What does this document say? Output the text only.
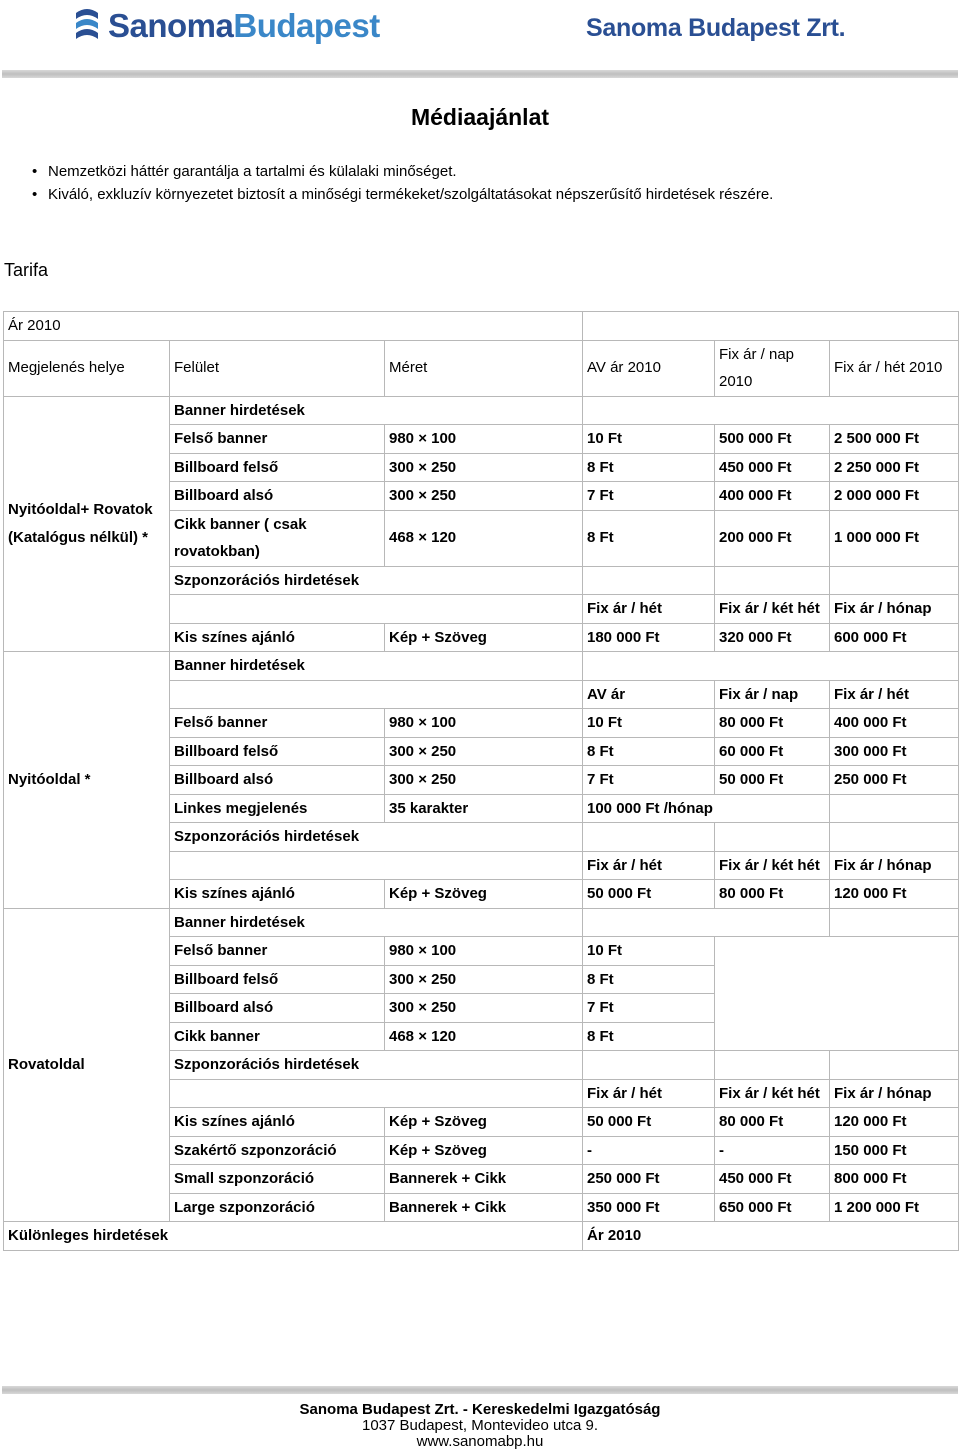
Sanoma Budapest	Sanoma Budapest Zrt.
Médiaajánlat
• Nemzetközi háttér garantálja a tartalmi és külalaki minőséget.
• Kiváló, exkluzív környezetet biztosít a minőségi termékeket/szolgáltatásokat népszerűsítő hirdetések részére.
Tarifa
Ár 2010					
Megjelenés helye	Felület	Méret	AV ár 2010	Fix ár / nap 2010	Fix ár / hét 2010
Nyitóoldal+ Rovatok (Katalógus nélkül) *	Banner hirdetések				
	Felső banner	980 × 100	10 Ft	500 000 Ft	2 500 000 Ft
	Billboard felső	300 × 250	8 Ft	450 000 Ft	2 250 000 Ft
	Billboard alsó	300 × 250	7 Ft	400 000 Ft	2 000 000 Ft
	Cikk banner ( csak rovatokban)	468 × 120	8 Ft	200 000 Ft	1 000 000 Ft

	Szponzorációs hirdetések				
			Fix ár / hét	Fix ár / két hét	Fix ár / hónap

	Kis színes ajánló	Kép + Szöveg	180 000 Ft	320 000 Ft	600 000 Ft
Nyitóoldal *	Banner hirdetések				
			AV ár	Fix ár / nap	Fix ár / hét
	Felső banner	980 × 100	10 Ft	80 000 Ft	400 000 Ft
	Billboard felső	300 × 250	8 Ft	60 000 Ft	300 000 Ft
	Billboard alsó	300 × 250	7 Ft	50 000 Ft	250 000 Ft
	Linkes megjelenés	35 karakter	100 000 Ft /hónap		
	Szponzorációs hirdetések				
			Fix ár / hét	Fix ár / két hét	Fix ár / hónap

	Kis színes ajánló	Kép + Szöveg	50 000 Ft	80 000 Ft	120 000 Ft
Rovatoldal	Banner hirdetések				
	Felső banner	980 × 100	10 Ft		
	Billboard felső	300 × 250	8 Ft		
	Billboard alsó	300 × 250	7 Ft		
	Cikk banner	468 × 120	8 Ft		
	Szponzorációs hirdetések				
			Fix ár / hét	Fix ár / két hét	Fix ár / hónap

	Kis színes ajánló	Kép + Szöveg	50 000 Ft	80 000 Ft	120 000 Ft
	Szakértő szponzoráció	Kép + Szöveg	-	-	150 000 Ft
	Small szponzoráció	Bannerek + Cikk	250 000 Ft	450 000 Ft	800 000 Ft
	Large szponzoráció	Bannerek + Cikk	350 000 Ft	650 000 Ft	1 200 000 Ft
Különleges hirdetések			Ár 2010		
Sanoma Budapest Zrt. - Kereskedelmi Igazgatóság
1037 Budapest, Montevideo utca 9.
www.sanomabp.hu
